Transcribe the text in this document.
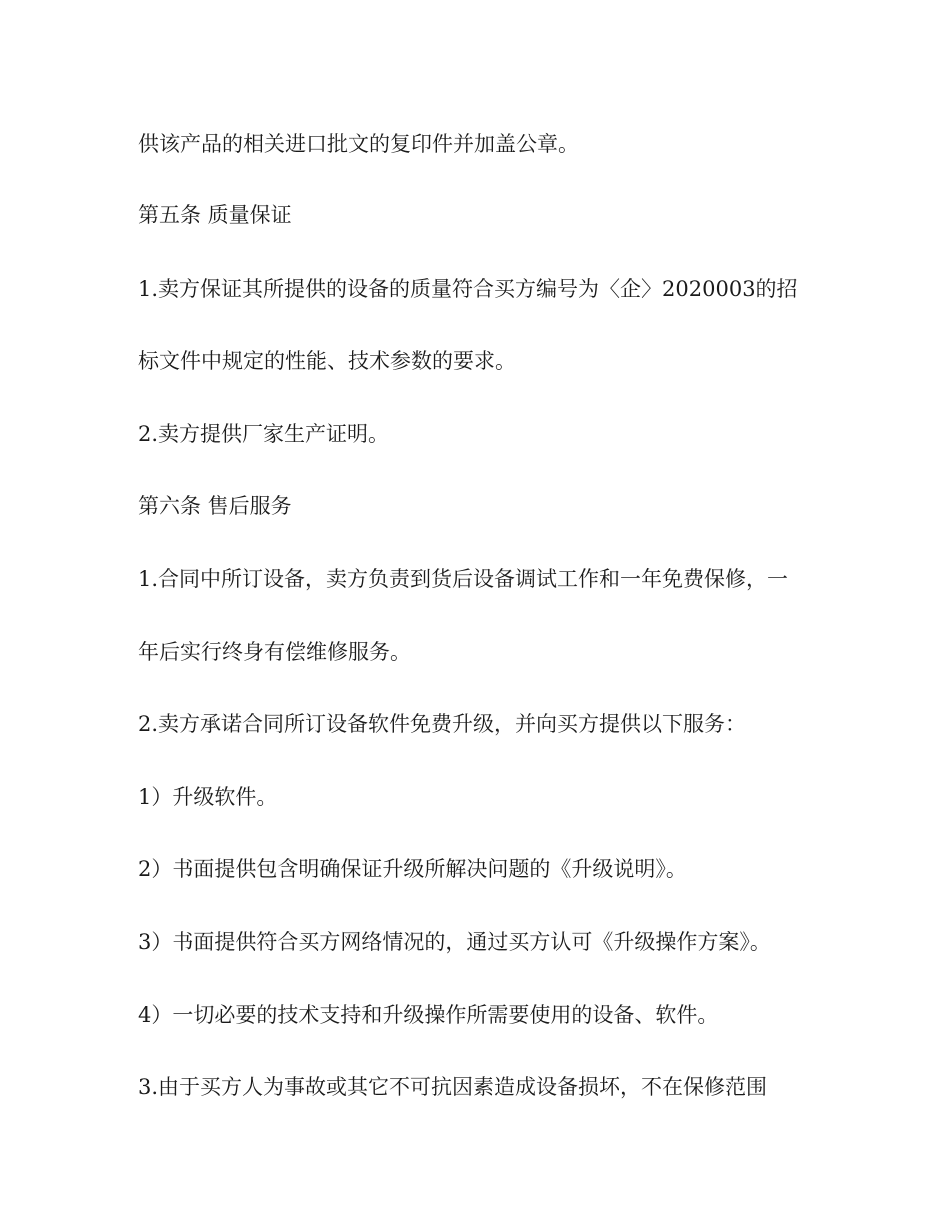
供该产品的相关进口批文的复印件并加盖公章。
第五条 质量保证
1.卖方保证其所提供的设备的质量符合买方编号为〈企〉2020003的招
标文件中规定的性能、技术参数的要求。
2.卖方提供厂家生产证明。
第六条 售后服务
1.合同中所订设备，卖方负责到货后设备调试工作和一年免费保修，一
年后实行终身有偿维修服务。
2.卖方承诺合同所订设备软件免费升级，并向买方提供以下服务：
1）升级软件。
2）书面提供包含明确保证升级所解决问题的《升级说明》。
3）书面提供符合买方网络情况的，通过买方认可《升级操作方案》。
4）一切必要的技术支持和升级操作所需要使用的设备、软件。
3.由于买方人为事故或其它不可抗因素造成设备损坏，不在保修范围
